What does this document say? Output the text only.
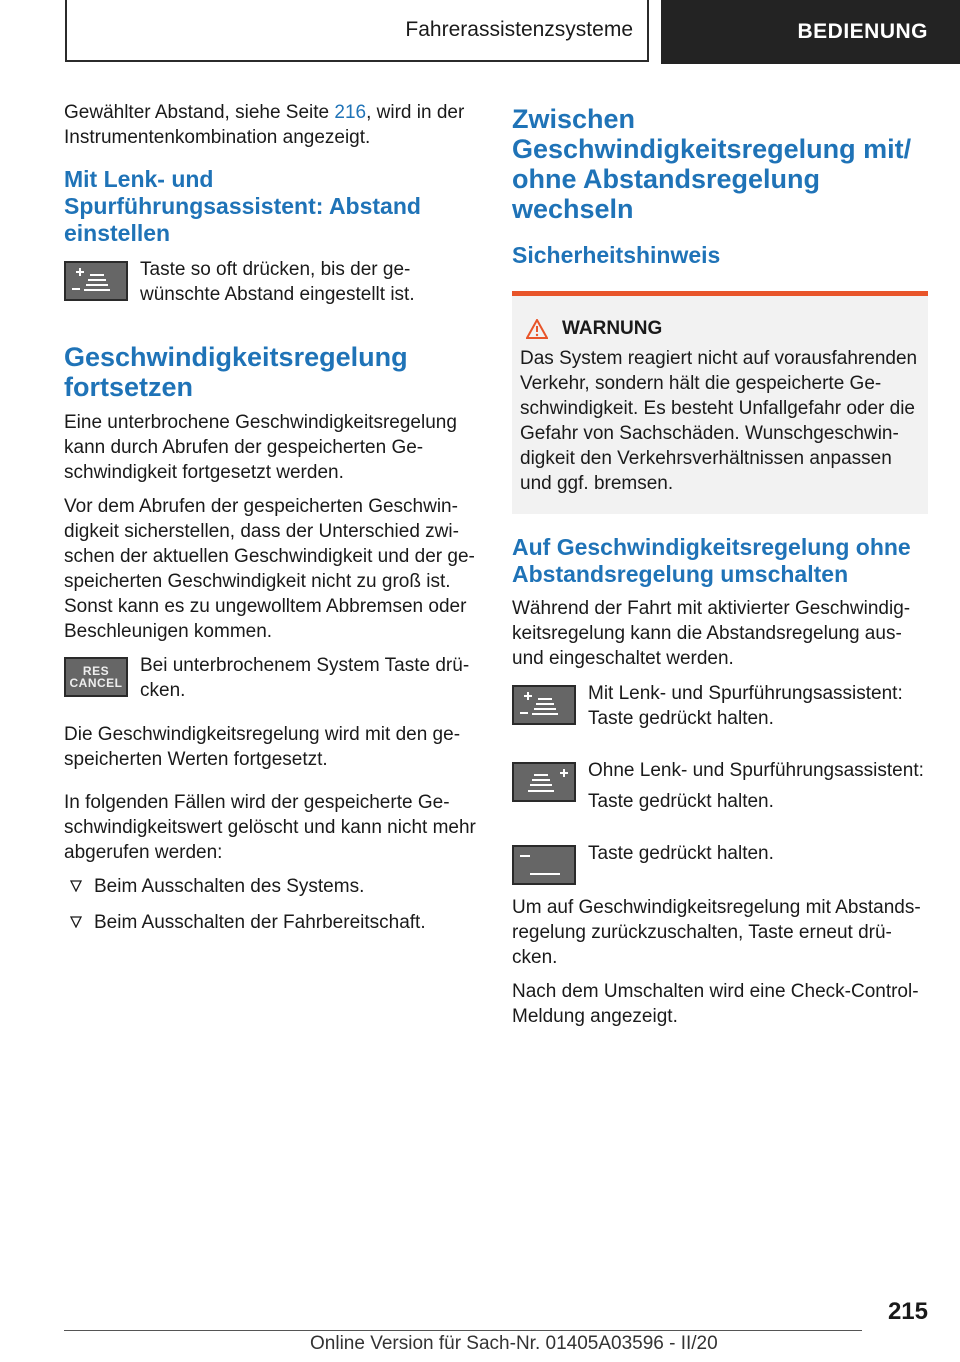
Fahrerassistenzsysteme	BEDIENUNG

Gewählter Abstand, siehe Seite 216, wird in der Instrumentenkombination angezeigt.

Mit Lenk- und Spurführungsassistent: Abstand einstellen

Taste so oft drücken, bis der gewünschte Abstand eingestellt ist.

Geschwindigkeitsregelung fortsetzen

Eine unterbrochene Geschwindigkeitsregelung kann durch Abrufen der gespeicherten Geschwindigkeit fortgesetzt werden.

Vor dem Abrufen der gespeicherten Geschwindigkeit sicherstellen, dass der Unterschied zwischen der aktuellen Geschwindigkeit und der gespeicherten Geschwindigkeit nicht zu groß ist. Sonst kann es zu ungewolltem Abbremsen oder Beschleunigen kommen.

RES
CANCEL

Bei unterbrochenem System Taste drücken.

Die Geschwindigkeitsregelung wird mit den gespeicherten Werten fortgesetzt.

In folgenden Fällen wird der gespeicherte Geschwindigkeitswert gelöscht und kann nicht mehr abgerufen werden:

Beim Ausschalten des Systems.
Beim Ausschalten der Fahrbereitschaft.
Zwischen Geschwindigkeitsregelung mit/ ohne Abstandsregelung wechseln
Sicherheitshinweis
WARNUNG

Das System reagiert nicht auf vorausfahrenden Verkehr, sondern hält die gespeicherte Geschwindigkeit. Es besteht Unfallgefahr oder die Gefahr von Sachschäden. Wunschgeschwindigkeit den Verkehrsverhältnissen anpassen und ggf. bremsen.

Auf Geschwindigkeitsregelung ohne Abstandsregelung umschalten

Während der Fahrt mit aktivierter Geschwindigkeitsregelung kann die Abstandsregelung aus- und eingeschaltet werden.

Mit Lenk- und Spurführungsassistent: Taste gedrückt halten.

Ohne Lenk- und Spurführungsassistent:

Taste gedrückt halten.

Taste gedrückt halten.

Um auf Geschwindigkeitsregelung mit Abstandsregelung zurückzuschalten, Taste erneut drücken.

Nach dem Umschalten wird eine Check-Control-Meldung angezeigt.

215
Online Version für Sach-Nr. 01405A03596 - II/20
